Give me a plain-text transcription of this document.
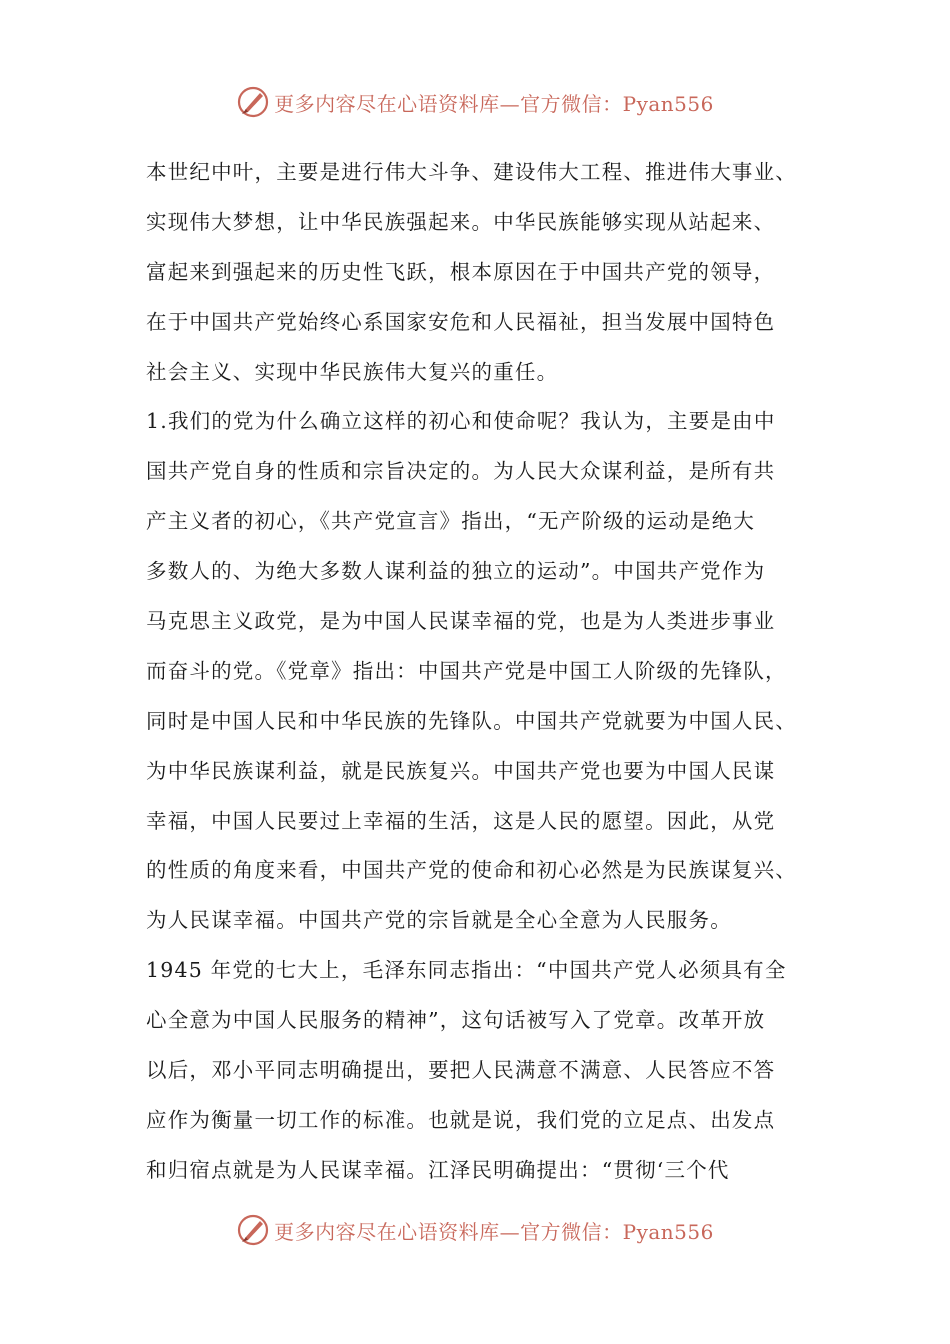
更多内容尽在心语资料库—官方微信：Pyan556
本世纪中叶，主要是进行伟大斗争、建设伟大工程、推进伟大事业、
实现伟大梦想，让中华民族强起来。中华民族能够实现从站起来、
富起来到强起来的历史性飞跃，根本原因在于中国共产党的领导，
在于中国共产党始终心系国家安危和人民福祉，担当发展中国特色
社会主义、实现中华民族伟大复兴的重任。
1.我们的党为什么确立这样的初心和使命呢？我认为，主要是由中
国共产党自身的性质和宗旨决定的。为人民大众谋利益，是所有共
产主义者的初心，《共产党宣言》指出，“无产阶级的运动是绝大
多数人的、为绝大多数人谋利益的独立的运动”。中国共产党作为
马克思主义政党，是为中国人民谋幸福的党，也是为人类进步事业
而奋斗的党。《党章》指出：中国共产党是中国工人阶级的先锋队，
同时是中国人民和中华民族的先锋队。中国共产党就要为中国人民、
为中华民族谋利益，就是民族复兴。中国共产党也要为中国人民谋
幸福，中国人民要过上幸福的生活，这是人民的愿望。因此，从党
的性质的角度来看，中国共产党的使命和初心必然是为民族谋复兴、
为人民谋幸福。中国共产党的宗旨就是全心全意为人民服务。
1945 年党的七大上，毛泽东同志指出：“中国共产党人必须具有全
心全意为中国人民服务的精神”，这句话被写入了党章。改革开放
以后，邓小平同志明确提出，要把人民满意不满意、人民答应不答
应作为衡量一切工作的标准。也就是说，我们党的立足点、出发点
和归宿点就是为人民谋幸福。江泽民明确提出：“贯彻‘三个代
更多内容尽在心语资料库—官方微信：Pyan556
